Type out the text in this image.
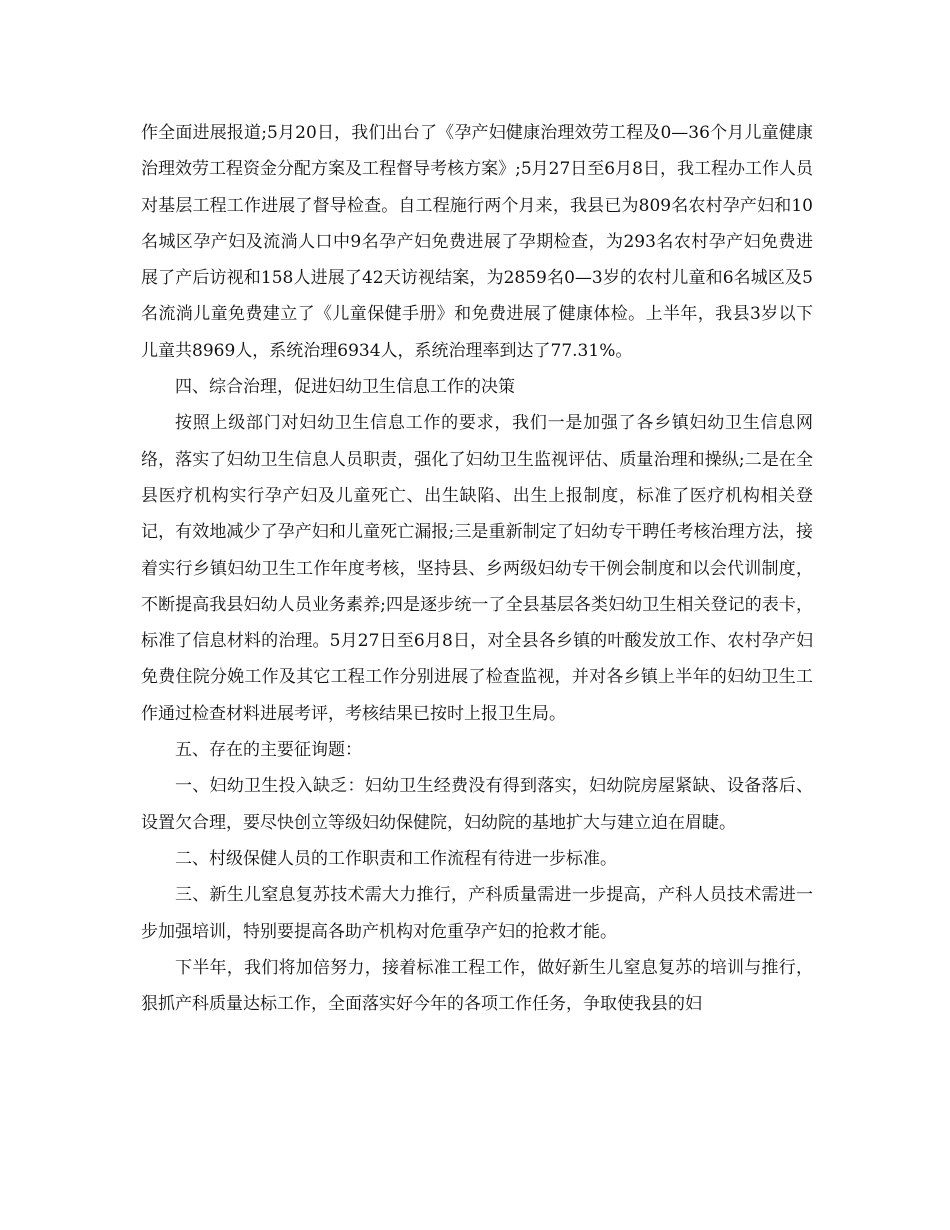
作全面进展报道;5月20日，我们出台了《孕产妇健康治理效劳工程及0—36个月儿童健康治理效劳工程资金分配方案及工程督导考核方案》;5月27日至6月8日，我工程办工作人员对基层工程工作进展了督导检查。自工程施行两个月来，我县已为809名农村孕产妇和10名城区孕产妇及流淌人口中9名孕产妇免费进展了孕期检查，为293名农村孕产妇免费进展了产后访视和158人进展了42天访视结案，为2859名0—3岁的农村儿童和6名城区及5名流淌儿童免费建立了《儿童保健手册》和免费进展了健康体检。上半年，我县3岁以下儿童共8969人，系统治理6934人，系统治理率到达了77.31%。

四、综合治理，促进妇幼卫生信息工作的决策

按照上级部门对妇幼卫生信息工作的要求，我们一是加强了各乡镇妇幼卫生信息网络，落实了妇幼卫生信息人员职责，强化了妇幼卫生监视评估、质量治理和操纵;二是在全县医疗机构实行孕产妇及儿童死亡、出生缺陷、出生上报制度，标准了医疗机构相关登记，有效地减少了孕产妇和儿童死亡漏报;三是重新制定了妇幼专干聘任考核治理方法，接着实行乡镇妇幼卫生工作年度考核，坚持县、乡两级妇幼专干例会制度和以会代训制度，不断提高我县妇幼人员业务素养;四是逐步统一了全县基层各类妇幼卫生相关登记的表卡，标准了信息材料的治理。5月27日至6月8日，对全县各乡镇的叶酸发放工作、农村孕产妇免费住院分娩工作及其它工程工作分别进展了检查监视，并对各乡镇上半年的妇幼卫生工作通过检查材料进展考评，考核结果已按时上报卫生局。

五、存在的主要征询题：

一、妇幼卫生投入缺乏：妇幼卫生经费没有得到落实，妇幼院房屋紧缺、设备落后、设置欠合理，要尽快创立等级妇幼保健院，妇幼院的基地扩大与建立迫在眉睫。

二、村级保健人员的工作职责和工作流程有待进一步标准。

三、新生儿窒息复苏技术需大力推行，产科质量需进一步提高，产科人员技术需进一步加强培训，特别要提高各助产机构对危重孕产妇的抢救才能。

下半年，我们将加倍努力，接着标准工程工作，做好新生儿窒息复苏的培训与推行，狠抓产科质量达标工作，全面落实好今年的各项工作任务，争取使我县的妇
